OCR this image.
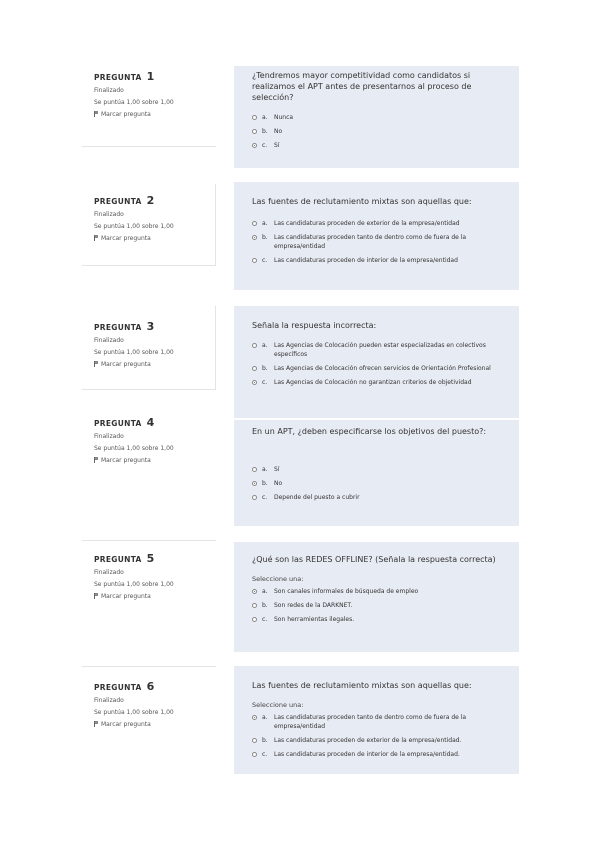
PREGUNTA 1
Finalizado
Se puntúa 1,00 sobre 1,00
Marcar pregunta
¿Tendremos mayor competitividad como candidatos si realizamos el APT antes de presentarnos al proceso de selección?
a.	Nunca
b.	No
c.	Sí
PREGUNTA 2
Finalizado
Se puntúa 1,00 sobre 1,00
Marcar pregunta
Las fuentes de reclutamiento mixtas son aquellas que:
a.	Las candidaturas proceden de exterior de la empresa/entidad
b.	Las candidaturas proceden tanto de dentro como de fuera de la empresa/entidad
c.	Las candidaturas proceden de interior de la empresa/entidad
PREGUNTA 3
Finalizado
Se puntúa 1,00 sobre 1,00
Marcar pregunta
Señala la respuesta incorrecta:
a.	Las Agencias de Colocación pueden estar especializadas en colectivos específicos
b.	Las Agencias de Colocación ofrecen servicios de Orientación Profesional
c.	Las Agencias de Colocación no garantizan criterios de objetividad
PREGUNTA 4
Finalizado
Se puntúa 1,00 sobre 1,00
Marcar pregunta
En un APT, ¿deben especificarse los objetivos del puesto?:
a.	Sí
b.	No
c.	Depende del puesto a cubrir
PREGUNTA 5
Finalizado
Se puntúa 1,00 sobre 1,00
Marcar pregunta
¿Qué son las REDES OFFLINE? (Señala la respuesta correcta)
Seleccione una:
a.	Son canales informales de búsqueda de empleo
b.	Son redes de la DARKNET.
c.	Son herramientas ilegales.
PREGUNTA 6
Finalizado
Se puntúa 1,00 sobre 1,00
Marcar pregunta
Las fuentes de reclutamiento mixtas son aquellas que:
Seleccione una:
a.	Las candidaturas proceden tanto de dentro como de fuera de la empresa/entidad
b.	Las candidaturas proceden de exterior de la empresa/entidad.
c.	Las candidaturas proceden de interior de la empresa/entidad.
